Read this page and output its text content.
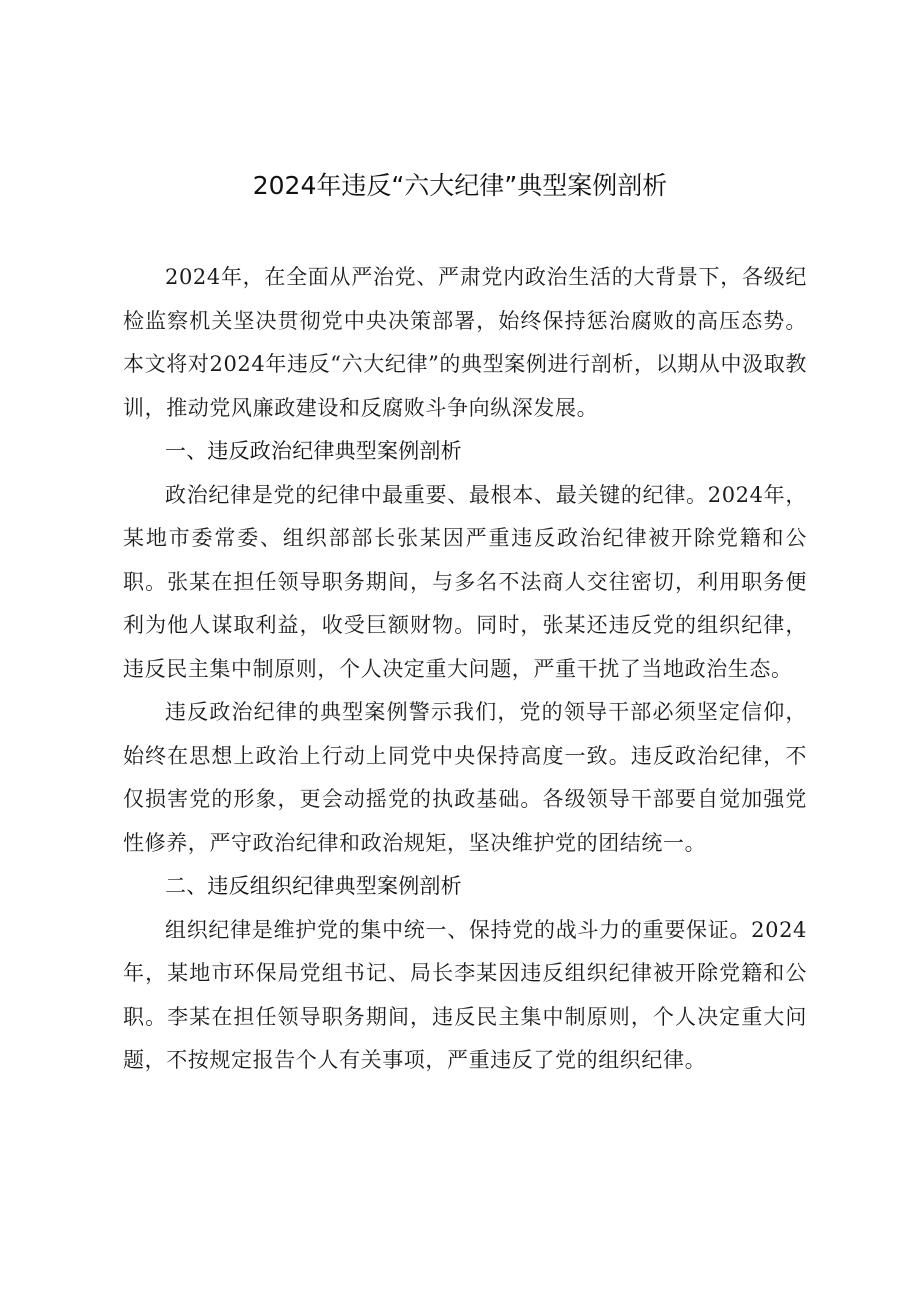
2024年违反“六大纪律”典型案例剖析

2024年，在全面从严治党、严肃党内政治生活的大背景下，各级纪检监察机关坚决贯彻党中央决策部署，始终保持惩治腐败的高压态势。本文将对2024年违反“六大纪律”的典型案例进行剖析，以期从中汲取教训，推动党风廉政建设和反腐败斗争向纵深发展。

一、违反政治纪律典型案例剖析

政治纪律是党的纪律中最重要、最根本、最关键的纪律。2024年，某地市委常委、组织部部长张某因严重违反政治纪律被开除党籍和公职。张某在担任领导职务期间，与多名不法商人交往密切，利用职务便利为他人谋取利益，收受巨额财物。同时，张某还违反党的组织纪律，违反民主集中制原则，个人决定重大问题，严重干扰了当地政治生态。

违反政治纪律的典型案例警示我们，党的领导干部必须坚定信仰，始终在思想上政治上行动上同党中央保持高度一致。违反政治纪律，不仅损害党的形象，更会动摇党的执政基础。各级领导干部要自觉加强党性修养，严守政治纪律和政治规矩，坚决维护党的团结统一。

二、违反组织纪律典型案例剖析

组织纪律是维护党的集中统一、保持党的战斗力的重要保证。2024年，某地市环保局党组书记、局长李某因违反组织纪律被开除党籍和公职。李某在担任领导职务期间，违反民主集中制原则，个人决定重大问题，不按规定报告个人有关事项，严重违反了党的组织纪律。
